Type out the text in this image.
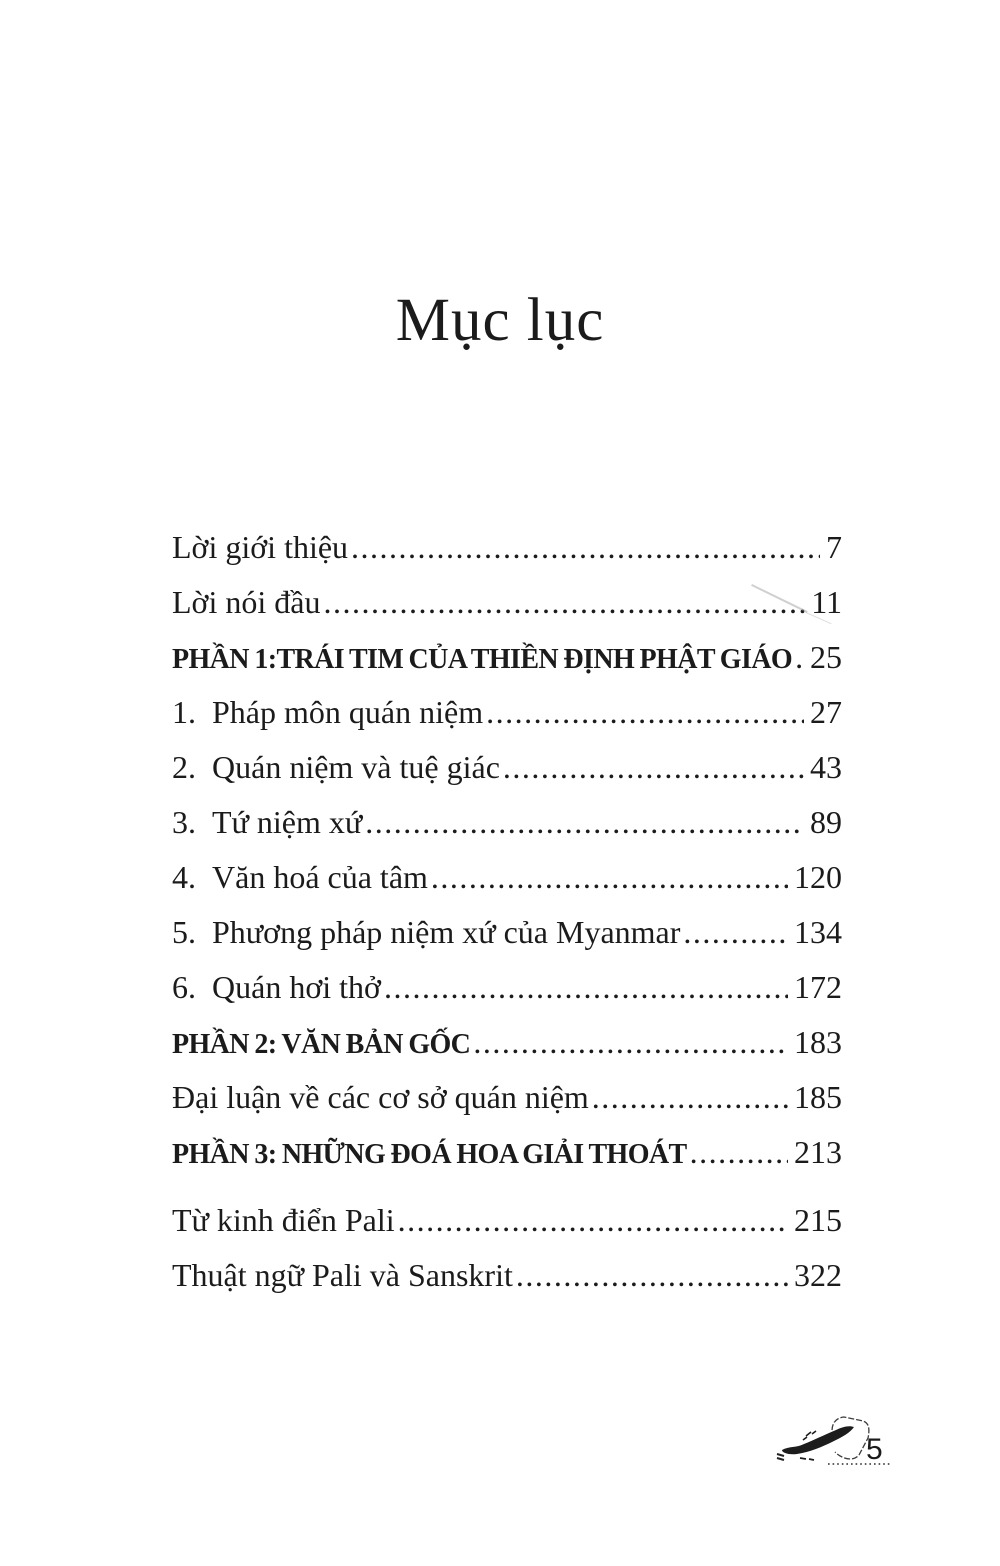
Mục lục
Lời giới thiệu .....	7
Lời nói đầu .....	11
PHẦN 1:TRÁI TIM CỦA THIỀN ĐỊNH PHẬT GIÁO ..... 25
1. Pháp môn quán niệm .....	27
2. Quán niệm và tuệ giác .....	43
3. Tứ niệm xứ .....	89
4. Văn hoá của tâm .....	120
5. Phương pháp niệm xứ của Myanmar .....	134
6. Quán hơi thở .....	172
PHẦN 2: VĂN BẢN GỐC .....	183
Đại luận về các cơ sở quán niệm .....	185
PHẦN 3: NHỮNG ĐOÁ HOA GIẢI THOÁT .....	213
Từ kinh điển Pali .....	215
Thuật ngữ Pali và Sanskrit .....	322
5
